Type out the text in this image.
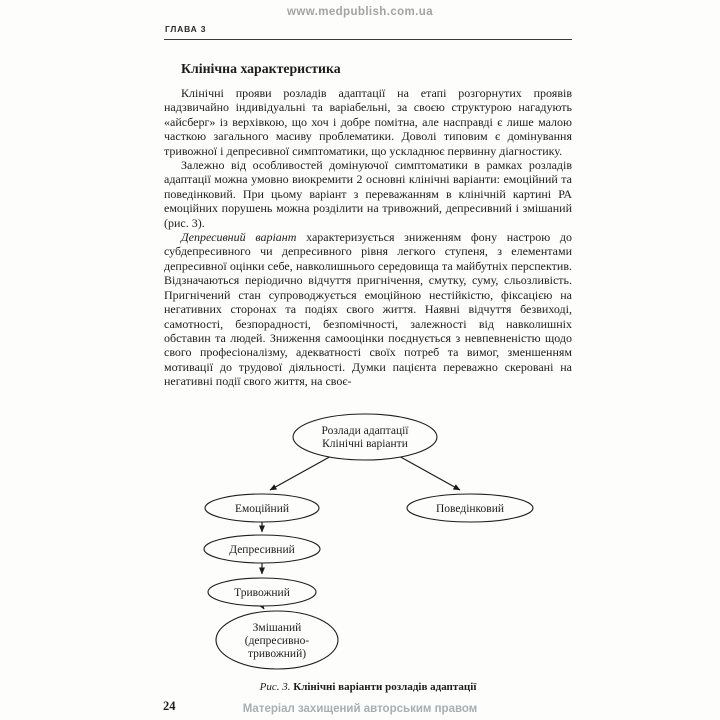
www.medpublish.com.ua
ГЛАВА 3
Клінічна характеристика

Клінічні прояви розладів адаптації на етапі розгорнутих проявів надзвичайно індивідуальні та варіабельні, за своєю структурою нагадують «айсберг» із верхівкою, що хоч і добре помітна, але насправді є лише малою часткою загального масиву проблематики. Доволі типовим є домінування тривожної і депресивної симптоматики, що ускладнює первинну діагностику.

Залежно від особливостей домінуючої симптоматики в рамках розладів адаптації можна умовно виокремити 2 основні клінічні варіанти: емоційний та поведінковий. При цьому варіант з переважанням в клінічній картині РА емоційних порушень можна розділити на тривожний, депресивний і змішаний (рис. 3).

Депресивний варіант характеризується зниженням фону настрою до субдепресивного чи депресивного рівня легкого ступеня, з елементами депресивної оцінки себе, навколишнього середовища та майбутніх перспектив. Відзначаються періодично відчуття пригнічення, смутку, суму, сльозливість. Пригнічений стан супроводжується емоційною нестійкістю, фіксацією на негативних сторонах та подіях свого життя. Наявні відчуття безвиході, самотності, безпорадності, безпомічності, залежності від навколишніх обставин та людей. Зниження самооцінки поєднується з невпевненістю щодо свого професіоналізму, адекватності своїх потреб та вимог, зменшенням мотивації до трудової діяльності. Думки пацієнта переважно скеровані на негативні події свого життя, на своє-

Розлади адаптації
Клінічні варіанти
Емоційний	Поведінковий
Депресивний
Тривожний
Змішаний
(депресивно-
тривожний)
Рис. 3. Клінічні варіанти розладів адаптації
24	Матеріал захищений авторським правом
